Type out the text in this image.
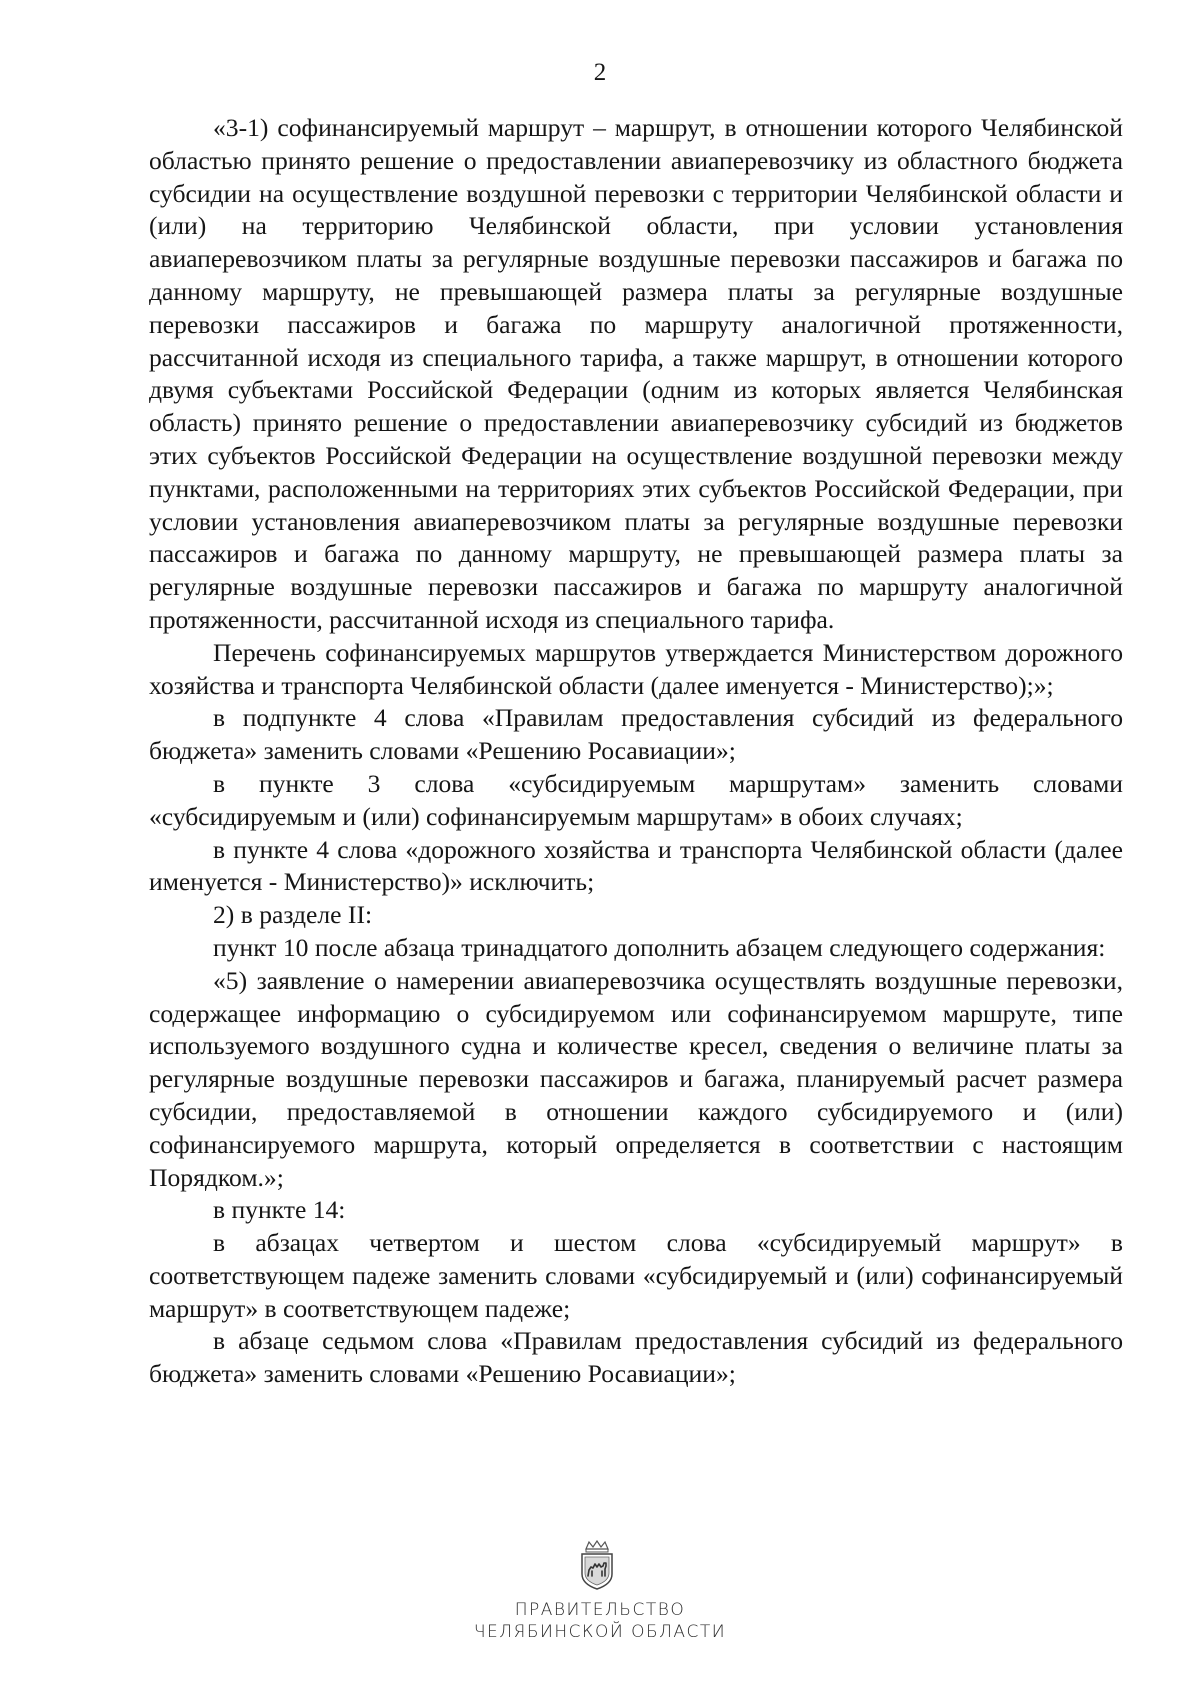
2

«3-1) софинансируемый маршрут – маршрут, в отношении которого Челябинской областью принято решение о предоставлении авиаперевозчику из областного бюджета субсидии на осуществление воздушной перевозки с территории Челябинской области и (или) на территорию Челябинской области, при условии установления авиаперевозчиком платы за регулярные воздушные перевозки пассажиров и багажа по данному маршруту, не превышающей размера платы за регулярные воздушные перевозки пассажиров и багажа по маршруту аналогичной протяженности, рассчитанной исходя из специального тарифа, а также маршрут, в отношении которого двумя субъектами Российской Федерации (одним из которых является Челябинская область) принято решение о предоставлении авиаперевозчику субсидий из бюджетов этих субъектов Российской Федерации на осуществление воздушной перевозки между пунктами, расположенными на территориях этих субъектов Российской Федерации, при условии установления авиаперевозчиком платы за регулярные воздушные перевозки пассажиров и багажа по данному маршруту, не превышающей размера платы за регулярные воздушные перевозки пассажиров и багажа по маршруту аналогичной протяженности, рассчитанной исходя из специального тарифа.

Перечень софинансируемых маршрутов утверждается Министерством дорожного хозяйства и транспорта Челябинской области (далее именуется - Министерство);»;

в подпункте 4 слова «Правилам предоставления субсидий из федерального бюджета» заменить словами «Решению Росавиации»;

в пункте 3 слова «субсидируемым маршрутам» заменить словами «субсидируемым и (или) софинансируемым маршрутам» в обоих случаях;

в пункте 4 слова «дорожного хозяйства и транспорта Челябинской области (далее именуется - Министерство)» исключить;

2) в разделе II:

пункт 10 после абзаца тринадцатого дополнить абзацем следующего содержания:

«5) заявление о намерении авиаперевозчика осуществлять воздушные перевозки, содержащее информацию о субсидируемом или софинансируемом маршруте, типе используемого воздушного судна и количестве кресел, сведения о величине платы за регулярные воздушные перевозки пассажиров и багажа, планируемый расчет размера субсидии, предоставляемой в отношении каждого субсидируемого и (или) софинансируемого маршрута, который определяется в соответствии с настоящим Порядком.»;

в пункте 14:

в абзацах четвертом и шестом слова «субсидируемый маршрут» в соответствующем падеже заменить словами «субсидируемый и (или) софинансируемый маршрут» в соответствующем падеже;

в абзаце седьмом слова «Правилам предоставления субсидий из федерального бюджета» заменить словами «Решению Росавиации»;

ПРАВИТЕЛЬСТВО
ЧЕЛЯБИНСКОЙ ОБЛАСТИ
